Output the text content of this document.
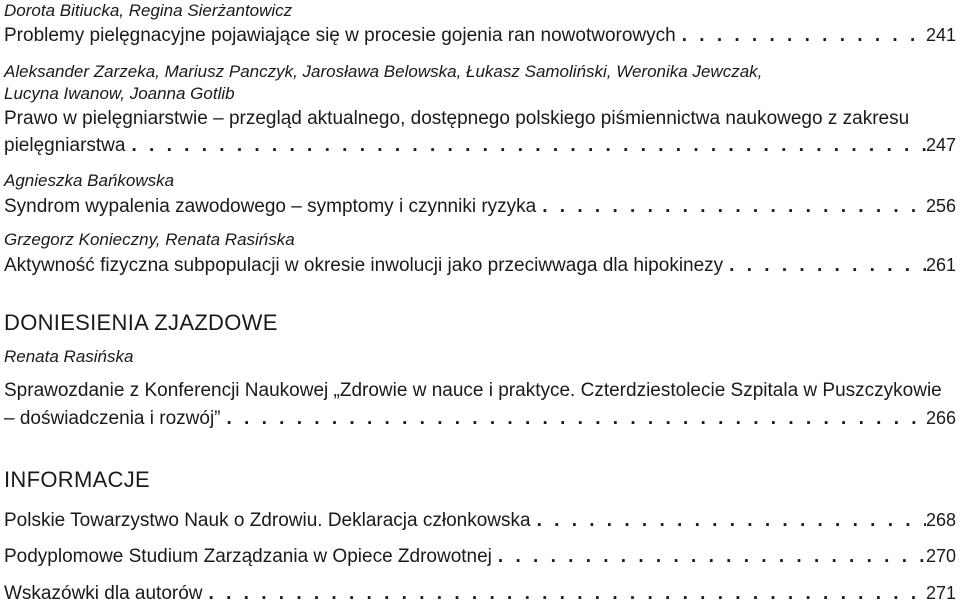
Dorota Bitiucka, Regina Sierżantowicz
Problemy pielęgnacyjne pojawiające się w procesie gojenia ran nowotworowych . . .	241
Aleksander Zarzeka, Mariusz Panczyk, Jarosława Belowska, Łukasz Samoliński, Weronika Jewczak,
Lucyna Iwanow, Joanna Gotlib
Prawo w pielęgniarstwie – przegląd aktualnego, dostępnego polskiego piśmiennictwa naukowego z zakresu
pielęgniarstwa . . .	247
Agnieszka Bańkowska
Syndrom wypalenia zawodowego – symptomy i czynniki ryzyka . . .	256
Grzegorz Konieczny, Renata Rasińska
Aktywność fizyczna subpopulacji w okresie inwolucji jako przeciwwaga dla hipokinezy . . .	261
DONIESIENIA ZJAZDOWE
Renata Rasińska
Sprawozdanie z Konferencji Naukowej „Zdrowie w nauce i praktyce. Czterdziestolecie Szpitala w Puszczykowie
– doświadczenia i rozwój” . . .	266
INFORMACJE
Polskie Towarzystwo Nauk o Zdrowiu. Deklaracja członkowska . . .	268
Podyplomowe Studium Zarządzania w Opiece Zdrowotnej . . .	270
Wskazówki dla autorów . . .	271
